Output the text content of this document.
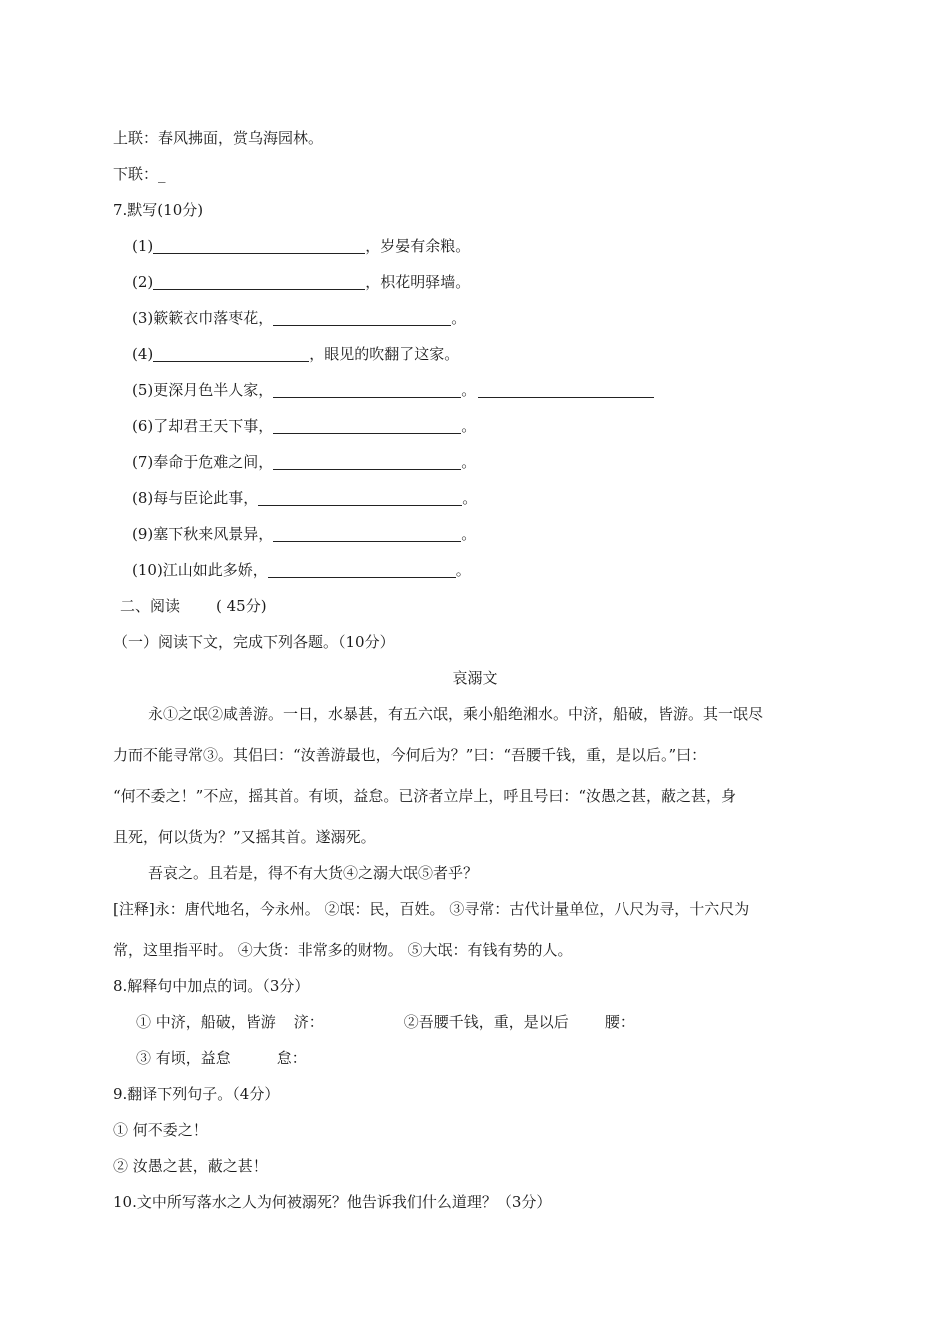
上联：春风拂面，赏乌海园林。
下联：_
7.默写(10分)
(1)	，岁晏有余粮。
(2)	，枳花明驿墙。
(3)簌簌衣巾落枣花，	。
(4)	，眼见的吹翻了这家。
(5)更深月色半人家，	。
(6)了却君王天下事，	。
(7)奉命于危难之间，	。
(8)每与臣论此事，	。
(9)塞下秋来风景异，	。
(10)江山如此多娇，	。
二、阅读 ( 45分)
（一）阅读下文，完成下列各题。（10分）
哀溺文
永①之氓②咸善游。一日，水暴甚，有五六氓，乘小船绝湘水。中济，船破，皆游。其一氓尽
力而不能寻常③。其侣曰：“汝善游最也，今何后为？”曰：“吾腰千钱，重，是以后。”曰：
“何不委之！”不应，摇其首。有顷，益怠。已济者立岸上，呼且号曰：“汝愚之甚，蔽之甚，身
且死，何以货为？”又摇其首。遂溺死。
吾哀之。且若是，得不有大货④之溺大氓⑤者乎？
[注释]永：唐代地名，今永州。 ②氓：民，百姓。 ③寻常：古代计量单位，八尺为寻，十六尺为
常，这里指平时。 ④大货：非常多的财物。 ⑤大氓：有钱有势的人。
8.解释句中加点的词。（3分）
① 中济，船破，皆游 济：	②吾腰千钱，重，是以后 腰：
③ 有顷，益怠	怠：
9.翻译下列句子。（4分）
① 何不委之！
② 汝愚之甚，蔽之甚！
10.文中所写落水之人为何被溺死？他告诉我们什么道理？（3分）
